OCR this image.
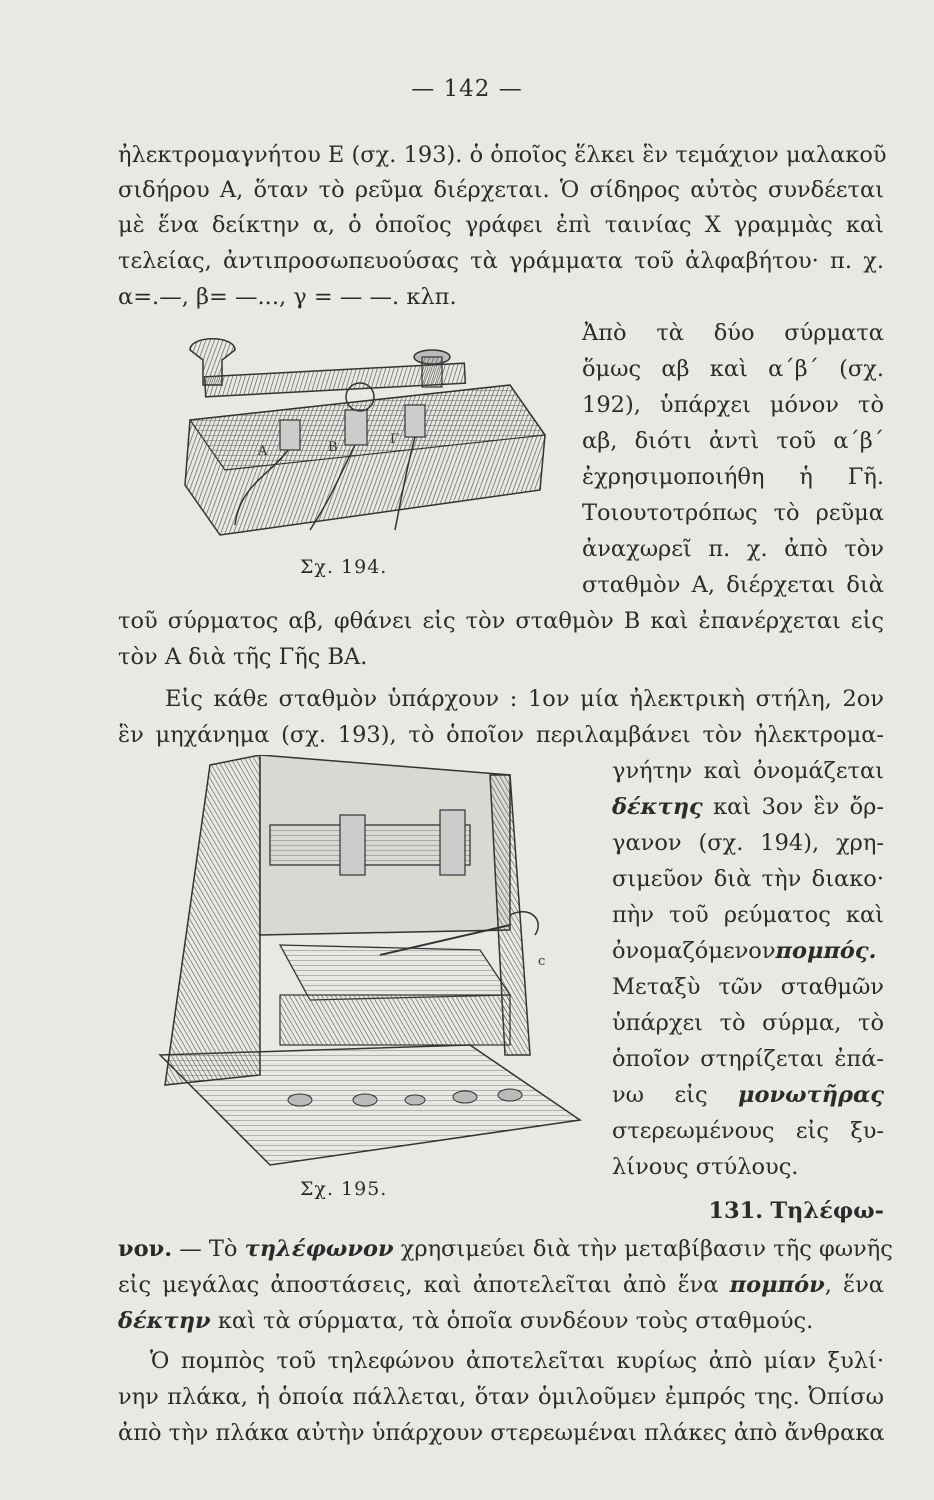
— 142 —
ἠλεκτρομαγνήτου Ε (σχ. 193). ὁ ὁποῖος ἕλκει ἓν τεμάχιον μαλακοῦ
σιδήρου Α, ὅταν τὸ ρεῦμα διέρχεται. Ὁ σίδηρος αὐτὸς συνδέεται
μὲ ἕνα δείκτην α, ὁ ὁποῖος γράφει ἐπὶ ταινίας Χ γραμμὰς καὶ
τελείας, ἀντιπροσωπευούσας τὰ γράμματα τοῦ ἀλφαβήτου· π. χ.
α=.—, β= —..., γ = — —. κλπ.
Α	Β
Γ
Ἀπὸ τὰ δύο σύρματα
ὅμως αβ καὶ α΄β΄ (σχ.
192), ὑπάρχει μόνον τὸ
αβ, διότι ἀντὶ τοῦ α΄β΄
ἐχρησιμοποιήθη ἡ Γῆ.
Τοιουτοτρόπως τὸ ρεῦμα
ἀναχωρεῖ π. χ. ἀπὸ τὸν
σταθμὸν Α, διέρχεται διὰ
Σχ. 194.
τοῦ σύρματος αβ, φθάνει εἰς τὸν σταθμὸν Β καὶ ἐπανέρχεται εἰς
τὸν Α διὰ τῆς Γῆς ΒΑ.
Εἰς κάθε σταθμὸν ὑπάρχουν : 1ον μία ἠλεκτρικὴ στήλη, 2ον
ἓν μηχάνημα (σχ. 193), τὸ ὁποῖον περιλαμβάνει τὸν ἠλεκτρομα-
c
γνήτην καὶ ὀνομάζεται
δέκτης καὶ 3ον ἓν ὄρ-
γανον (σχ. 194), χρη-
σιμεῦον διὰ τὴν διακο·
πὴν τοῦ ρεύματος καὶ
ὀνομαζόμενονπομπός.
Μεταξὺ τῶν σταθμῶν
ὑπάρχει τὸ σύρμα, τὸ
ὁποῖον στηρίζεται ἐπά-
νω εἰς μονωτῆρας
στερεωμένους εἰς ξυ-
λίνους στύλους.
Σχ. 195.
131. Τηλέφω-
νον. — Τὸ τηλέφωνον χρησιμεύει διὰ τὴν μεταβίβασιν τῆς φωνῆς
εἰς μεγάλας ἀποστάσεις, καὶ ἀποτελεῖται ἀπὸ ἕνα πομπόν, ἕνα
δέκτην καὶ τὰ σύρματα, τὰ ὁποῖα συνδέουν τοὺς σταθμούς.
Ὁ πομπὸς τοῦ τηλεφώνου ἀποτελεῖται κυρίως ἀπὸ μίαν ξυλί·
νην πλάκα, ἡ ὁποία πάλλεται, ὅταν ὁμιλοῦμεν ἐμπρός της. Ὀπίσω
ἀπὸ τὴν πλάκα αὐτὴν ὑπάρχουν στερεωμέναι πλάκες ἀπὸ ἄνθρακα
